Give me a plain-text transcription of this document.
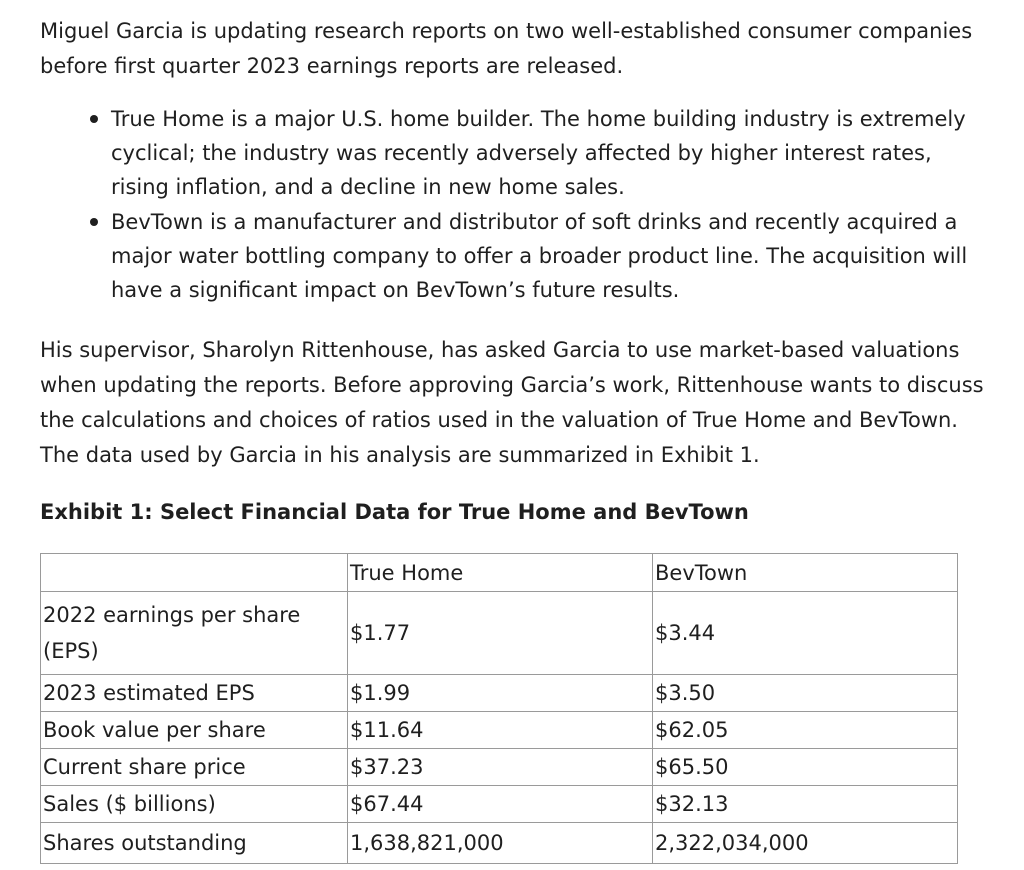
Miguel Garcia is updating research reports on two well-established consumer companies before first quarter 2023 earnings reports are released.

True Home is a major U.S. home builder. The home building industry is extremely cyclical; the industry was recently adversely affected by higher interest rates, rising inflation, and a decline in new home sales.
BevTown is a manufacturer and distributor of soft drinks and recently acquired a major water bottling company to offer a broader product line. The acquisition will have a significant impact on BevTown’s future results.

His supervisor, Sharolyn Rittenhouse, has asked Garcia to use market-based valuations when updating the reports. Before approving Garcia’s work, Rittenhouse wants to discuss the calculations and choices of ratios used in the valuation of True Home and BevTown. The data used by Garcia in his analysis are summarized in Exhibit 1.

Exhibit 1: Select Financial Data for True Home and BevTown
	True Home	BevTown
2022 earnings per share (EPS)	$1.77	$3.44
2023 estimated EPS	$1.99	$3.50
Book value per share	$11.64	$62.05
Current share price	$37.23	$65.50
Sales ($ billions)	$67.44	$32.13
Shares outstanding	1,638,821,000	2,322,034,000
